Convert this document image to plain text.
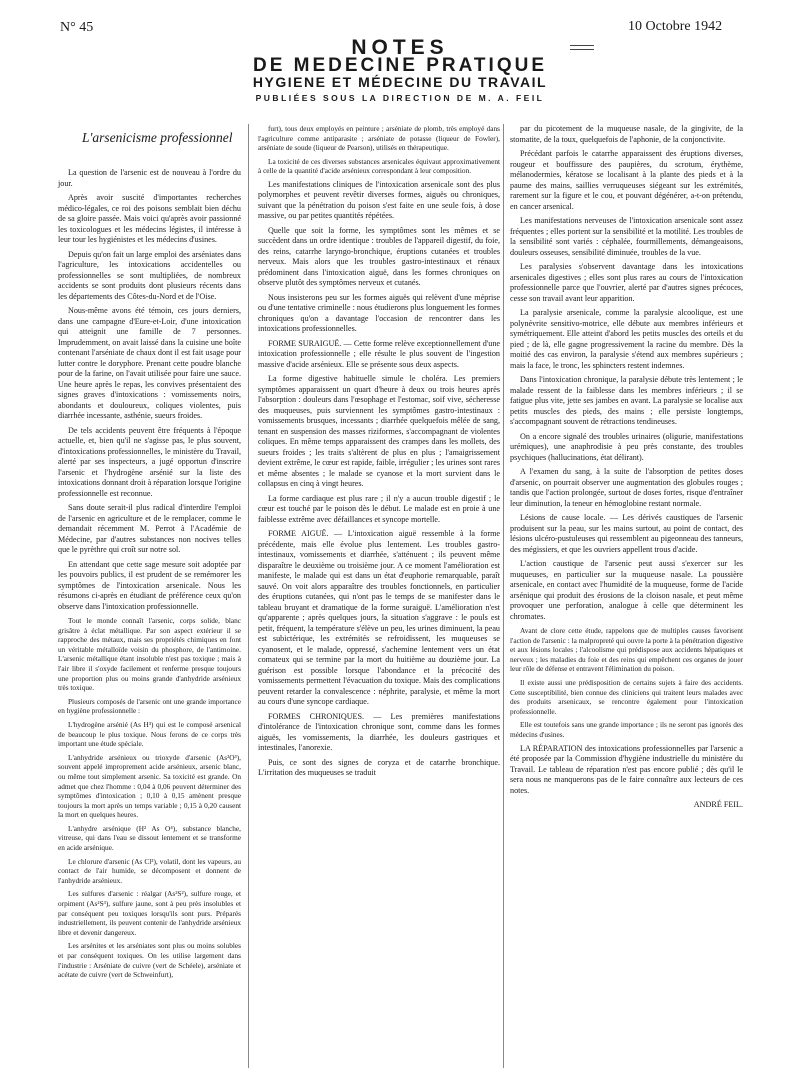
N° 45	10 Octobre 1942
NOTES
DE MEDECINE PRATIQUE
HYGIENE ET MÉDECINE DU TRAVAIL
PUBLIÉES SOUS LA DIRECTION DE M. A. FEIL
L'arsenicisme professionnel

La question de l'arsenic est de nouveau à l'ordre du jour.

Après avoir suscité d'importantes recherches médico-légales, ce roi des poisons semblait bien déchu de sa gloire passée. Mais voici qu'après avoir passionné les toxicologues et les médecins légistes, il intéresse à leur tour les hygiénistes et les médecins d'usines.

Depuis qu'on fait un large emploi des arséniates dans l'agriculture, les intoxications accidentelles ou professionnelles se sont multipliées, de nombreux accidents se sont produits dont plusieurs récents dans les départements des Côtes-du-Nord et de l'Oise.

Nous-même avons été témoin, ces jours derniers, dans une campagne d'Eure-et-Loir, d'une intoxication qui atteignit une famille de 7 personnes. Imprudemment, on avait laissé dans la cuisine une boîte contenant l'arséniate de chaux dont il est fait usage pour lutter contre le doryphore. Prenant cette poudre blanche pour de la farine, on l'avait utilisée pour faire une sauce. Une heure après le repas, les convives présentaient des signes graves d'intoxications : vomissements noirs, abondants et douloureux, coliques violentes, puis diarrhée incessante, asthénie, sueurs froides.

De tels accidents peuvent être fréquents à l'époque actuelle, et, bien qu'il ne s'agisse pas, le plus souvent, d'intoxications professionnelles, le ministère du Travail, alerté par ses inspecteurs, a jugé opportun d'inscrire l'arsenic et l'hydrogène arsénié sur la liste des intoxications donnant droit à réparation lorsque l'origine professionnelle est reconnue.

Sans doute serait-il plus radical d'interdire l'emploi de l'arsenic en agriculture et de le remplacer, comme le demandait récemment M. Perrot à l'Académie de Médecine, par d'autres substances non nocives telles que le pyrèthre qui croît sur notre sol.

En attendant que cette sage mesure soit adoptée par les pouvoirs publics, il est prudent de se remémorer les symptômes de l'intoxication arsenicale. Nous les résumons ci-après en étudiant de préférence ceux qu'on observe dans l'intoxication professionnelle.

Tout le monde connaît l'arsenic, corps solide, blanc grisâtre à éclat métallique. Par son aspect extérieur il se rapproche des métaux, mais ses propriétés chimiques en font un véritable métalloïde voisin du phosphore, de l'antimoine. L'arsenic métallique étant insoluble n'est pas toxique ; mais à l'air libre il s'oxyde facilement et renferme presque toujours une proportion plus ou moins grande d'anhydride arsénieux très toxique.

Plusieurs composés de l'arsenic ont une grande importance en hygiène professionnelle :

L'hydrogène arsénié (As H³) qui est le composé arsenical de beaucoup le plus toxique. Nous ferons de ce corps très important une étude spéciale.

L'anhydride arsénieux ou trioxyde d'arsenic (As²O³), souvent appelé improprement acide arsénieux, arsenic blanc, ou même tout simplement arsenic. Sa toxicité est grande. On admet que chez l'homme : 0,04 à 0,06 peuvent déterminer des symptômes d'intoxication ; 0,10 à 0,15 amènent presque toujours la mort après un temps variable ; 0,15 à 0,20 causent la mort en quelques heures.

L'anhydre arsénique (H² As O⁴), substance blanche, vitreuse, qui dans l'eau se dissout lentement et se transforme en acide arsénique.

Le chlorure d'arsenic (As Cl³), volatil, dont les vapeurs, au contact de l'air humide, se décomposent et donnent de l'anhydride arsénieux.

Les sulfures d'arsenic : réalgar (As²S²), sulfure rouge, et orpiment (As²S³), sulfure jaune, sont à peu près insolubles et par conséquent peu toxiques lorsqu'ils sont purs. Préparés industriellement, ils peuvent contenir de l'anhydride arsénieux libre et devenir dangereux.

Les arsénites et les arséniates sont plus ou moins solubles et par conséquent toxiques. On les utilise largement dans l'industrie : Arséniate de cuivre (vert de Schéele), arséniate et acétate de cuivre (vert de Schweinfurt),

furt), tous deux employés en peinture ; arséniate de plomb, très employé dans l'agriculture comme antiparasite ; arséniate de potasse (liqueur de Fowler), arséniate de soude (liqueur de Pearson), utilisés en thérapeutique.

La toxicité de ces diverses substances arsenicales équivaut approximativement à celle de la quantité d'acide arsénieux correspondant à leur composition.

Les manifestations cliniques de l'intoxication arsenicale sont des plus polymorphes et peuvent revêtir diverses formes, aiguës ou chroniques, suivant que la pénétration du poison s'est faite en une seule fois, à dose massive, ou par petites quantités répétées.

Quelle que soit la forme, les symptômes sont les mêmes et se succèdent dans un ordre identique : troubles de l'appareil digestif, du foie, des reins, catarrhe laryngo-bronchique, éruptions cutanées et troubles nerveux. Mais alors que les troubles gastro-intestinaux et rénaux prédominent dans l'intoxication aiguë, dans les formes chroniques on observe plutôt des symptômes nerveux et cutanés.

Nous insisterons peu sur les formes aiguës qui relèvent d'une méprise ou d'une tentative criminelle : nous étudierons plus longuement les formes chroniques qu'on a davantage l'occasion de rencontrer dans les intoxications professionnelles.

FORME SURAIGUË. — Cette forme relève exceptionnellement d'une intoxication professionnelle ; elle résulte le plus souvent de l'ingestion massive d'acide arsénieux. Elle se présente sous deux aspects.

La forme digestive habituelle simule le choléra. Les premiers symptômes apparaissent un quart d'heure à deux ou trois heures après l'absorption : douleurs dans l'œsophage et l'estomac, soif vive, sécheresse des muqueuses, puis surviennent les symptômes gastro-intestinaux : vomissements brusques, incessants ; diarrhée quelquefois mêlée de sang, tenant en suspension des masses riziformes, s'accompagnant de violentes coliques. En même temps apparaissent des crampes dans les mollets, des sueurs froides ; les traits s'altèrent de plus en plus ; l'amaigrissement devient extrême, le cœur est rapide, faible, irrégulier ; les urines sont rares et même absentes ; le malade se cyanose et la mort survient dans le collapsus en cinq à vingt heures.

La forme cardiaque est plus rare ; il n'y a aucun trouble digestif ; le cœur est touché par le poison dès le début. Le malade est en proie à une faiblesse extrême avec défaillances et syncope mortelle.

FORME AIGUË. — L'intoxication aiguë ressemble à la forme précédente, mais elle évolue plus lentement. Les troubles gastro-intestinaux, vomissements et diarrhée, s'atténuent ; ils peuvent même disparaître le deuxième ou troisième jour. A ce moment l'amélioration est manifeste, le malade qui est dans un état d'euphorie remarquable, paraît sauvé. On voit alors apparaître des troubles fonctionnels, en particulier des éruptions cutanées, qui n'ont pas le temps de se manifester dans le tableau bruyant et dramatique de la forme suraiguë. L'amélioration n'est qu'apparente ; après quelques jours, la situation s'aggrave : le pouls est petit, fréquent, la température s'élève un peu, les urines diminuent, la peau est subictérique, les extrémités se refroidissent, les muqueuses se cyanosent, et le malade, oppressé, s'achemine lentement vers un état comateux qui se termine par la mort du huitième au douzième jour. La guérison est possible lorsque l'abondance et la précocité des vomissements permettent l'évacuation du toxique. Mais des complications peuvent retarder la convalescence : néphrite, paralysie, et même la mort au cours d'une syncope cardiaque.

FORMES CHRONIQUES. — Les premières manifestations d'intolérance de l'intoxication chronique sont, comme dans les formes aiguës, les vomissements, la diarrhée, les douleurs gastriques et intestinales, l'anorexie.

Puis, ce sont des signes de coryza et de catarrhe bronchique. L'irritation des muqueuses se traduit

par du picotement de la muqueuse nasale, de la gingivite, de la stomatite, de la toux, quelquefois de l'aphonie, de la conjonctivite.

Précédant parfois le catarrhe apparaissent des éruptions diverses, rougeur et bouffissure des paupières, du scrotum, érythème, mélanodermies, kératose se localisant à la plante des pieds et à la paume des mains, saillies verruqueuses siégeant sur les extrémités, rarement sur la figure et le cou, et pouvant dégénérer, a-t-on prétendu, en cancer arsenical.

Les manifestations nerveuses de l'intoxication arsenicale sont assez fréquentes ; elles portent sur la sensibilité et la motilité. Les troubles de la sensibilité sont variés : céphalée, fourmillements, démangeaisons, douleurs osseuses, sensibilité diminuée, troubles de la vue.

Les paralysies s'observent davantage dans les intoxications arsenicales digestives ; elles sont plus rares au cours de l'intoxication professionnelle parce que l'ouvrier, alerté par d'autres signes précoces, cesse son travail avant leur apparition.

La paralysie arsenicale, comme la paralysie alcoolique, est une polynévrite sensitivo-motrice, elle débute aux membres inférieurs et symétriquement. Elle atteint d'abord les petits muscles des orteils et du pied ; de là, elle gagne progressivement la racine du membre. Dès la moitié des cas environ, la paralysie s'étend aux membres supérieurs ; mais la face, le tronc, les sphincters restent indemnes.

Dans l'intoxication chronique, la paralysie débute très lentement ; le malade ressent de la faiblesse dans les membres inférieurs ; il se fatigue plus vite, jette ses jambes en avant. La paralysie se localise aux petits muscles des pieds, des mains ; elle persiste longtemps, s'accompagnant souvent de rétractions tendineuses.

On a encore signalé des troubles urinaires (oligurie, manifestations urémiques), une anaphrodisie à peu près constante, des troubles psychiques (hallucinations, état délirant).

A l'examen du sang, à la suite de l'absorption de petites doses d'arsenic, on pourrait observer une augmentation des globules rouges ; tandis que l'action prolongée, surtout de doses fortes, risque d'entraîner leur diminution, la teneur en hémoglobine restant normale.

Lésions de cause locale. — Les dérivés caustiques de l'arsenic produisent sur la peau, sur les mains surtout, au point de contact, des lésions ulcéro-pustuleuses qui ressemblent au pigeonneau des tanneurs, des mégissiers, et que les ouvriers appellent trous d'acide.

L'action caustique de l'arsenic peut aussi s'exercer sur les muqueuses, en particulier sur la muqueuse nasale. La poussière arsenicale, en contact avec l'humidité de la muqueuse, forme de l'acide arsénique qui produit des érosions de la cloison nasale, et peut même provoquer une perforation, analogue à celle que déterminent les chromates.

Avant de clore cette étude, rappelons que de multiples causes favorisent l'action de l'arsenic : la malpropreté qui ouvre la porte à la pénétration digestive et aux lésions locales ; l'alcoolisme qui prédispose aux accidents hépatiques et nerveux ; les maladies du foie et des reins qui empêchent ces organes de jouer leur rôle de défense et entravent l'élimination du poison.

Il existe aussi une prédisposition de certains sujets à faire des accidents. Cette susceptibilité, bien connue des cliniciens qui traitent leurs malades avec des produits arsenicaux, se rencontre également pour l'intoxication professionnelle.

Elle est toutefois sans une grande importance ; ils ne seront pas ignorés des médecins d'usines.

LA RÉPARATION des intoxications professionnelles par l'arsenic a été proposée par la Commission d'hygiène industrielle du ministère du Travail. Le tableau de réparation n'est pas encore publié ; dès qu'il le sera nous ne manquerons pas de le faire connaître aux lecteurs de ces notes.

ANDRÉ FEIL.
